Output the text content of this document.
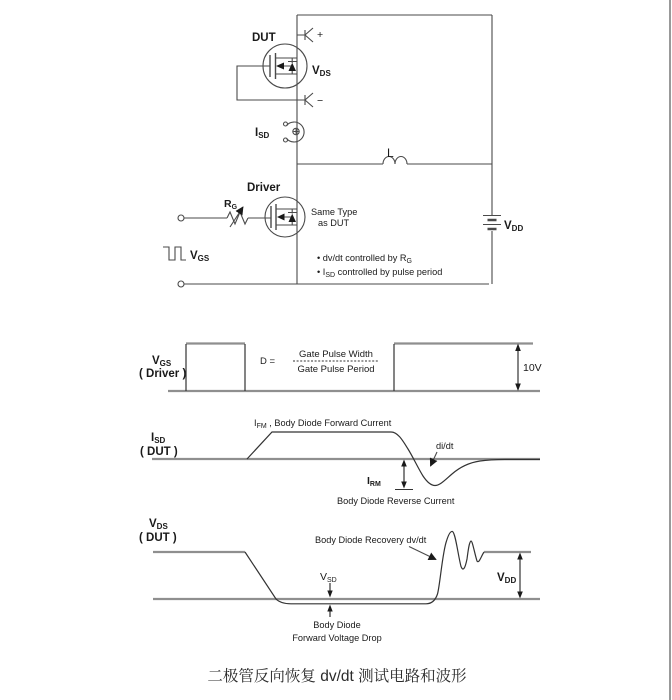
VDD
L
DUT	+
−
VDS
ISD
Driver
RG
VGS
Same Type
as DUT
• dv/dt controlled by RG
• ISD controlled by pulse period
VGS
( Driver )
D =
Gate Pulse Width
Gate Pulse Period	10V
ISD
( DUT )
IFM , Body Diode Forward Current
di/dt
IRM
Body Diode Reverse Current
VDS
( DUT )	Body Diode Recovery dv/dt
VSD
Body Diode
Forward Voltage Drop
VDD
二极管反向恢复 dv/dt 测试电路和波形
